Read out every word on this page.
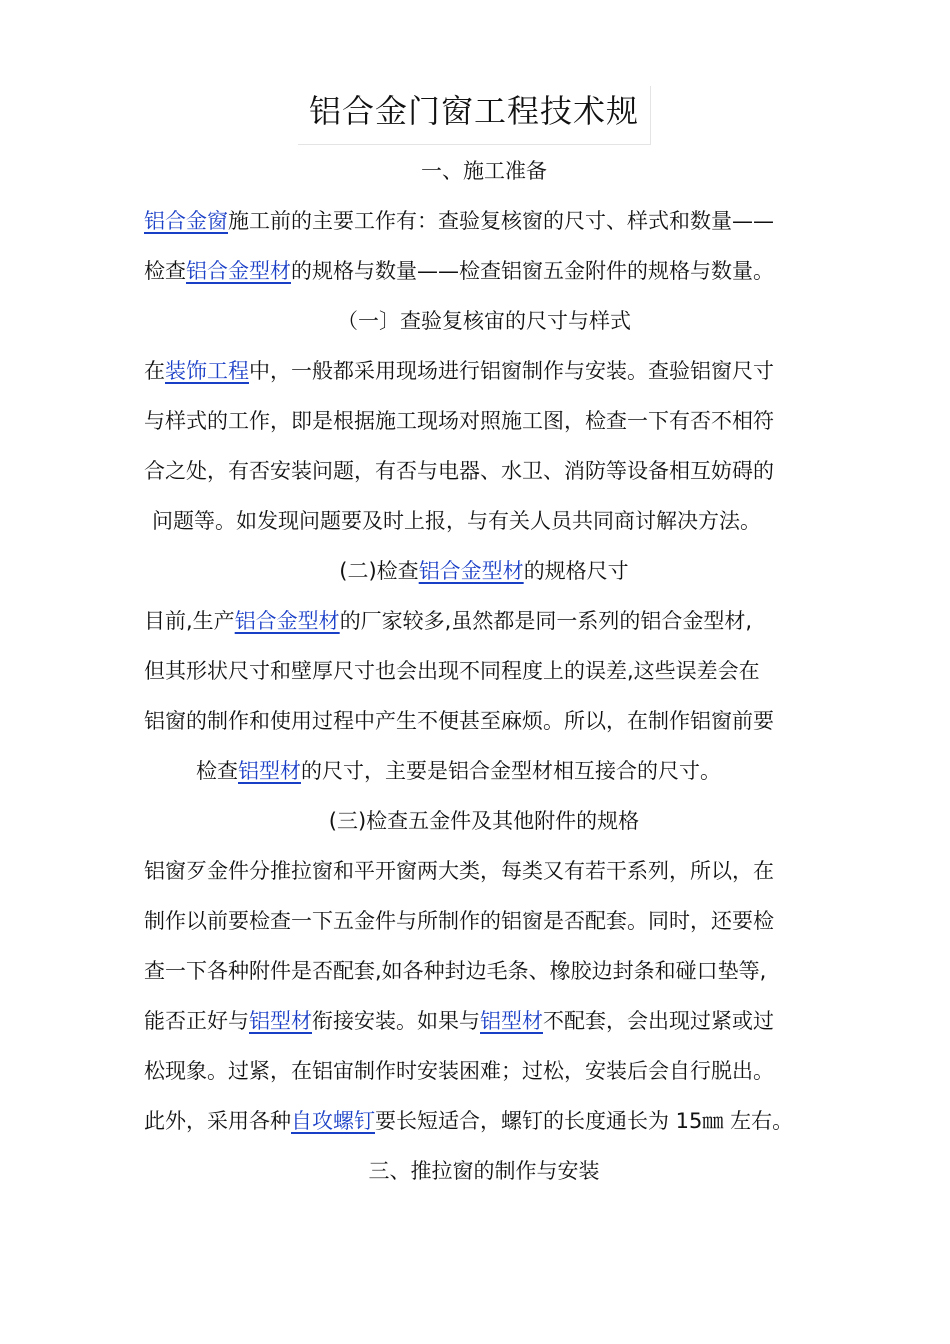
铝合金门窗工程技术规
一、施工准备
铝合金窗施工前的主要工作有：查验复核窗的尺寸、样式和数量——
检查铝合金型材的规格与数量——检查铝窗五金附件的规格与数量。
（一〕查验复核宙的尺寸与样式
在装饰工程中，一般都采用现场进行铝窗制作与安装。查验铝窗尺寸
与样式的工作，即是根据施工现场对照施工图，检查一下有否不相符
合之处，有否安装问题，有否与电器、水卫、消防等设备相互妨碍的
问题等。如发现问题要及时上报，与有关人员共同商讨解决方法。
(二)检查铝合金型材的规格尺寸
目前,生产铝合金型材的厂家较多,虽然都是同一系列的铝合金型材,
但其形状尺寸和壁厚尺寸也会出现不同程度上的误差,这些误差会在
铝窗的制作和使用过程中产生不便甚至麻烦。所以，在制作铝窗前要
检查铝型材的尺寸，主要是铝合金型材相互接合的尺寸。
(三)检查五金件及其他附件的规格
铝窗歹金件分推拉窗和平开窗两大类，每类又有若干系列，所以，在
制作以前要检查一下五金件与所制作的铝窗是否配套。同时，还要检
查一下各种附件是否配套,如各种封边毛条、橡胶边封条和碰口垫等,
能否正好与铝型材衔接安装。如果与铝型材不配套，会出现过紧或过
松现象。过紧，在铝宙制作时安装困难；过松，安装后会自行脱出。
此外，采用各种自攻螺钉要长短适合，螺钉的长度通长为 15㎜ 左右。
三、推拉窗的制作与安装
